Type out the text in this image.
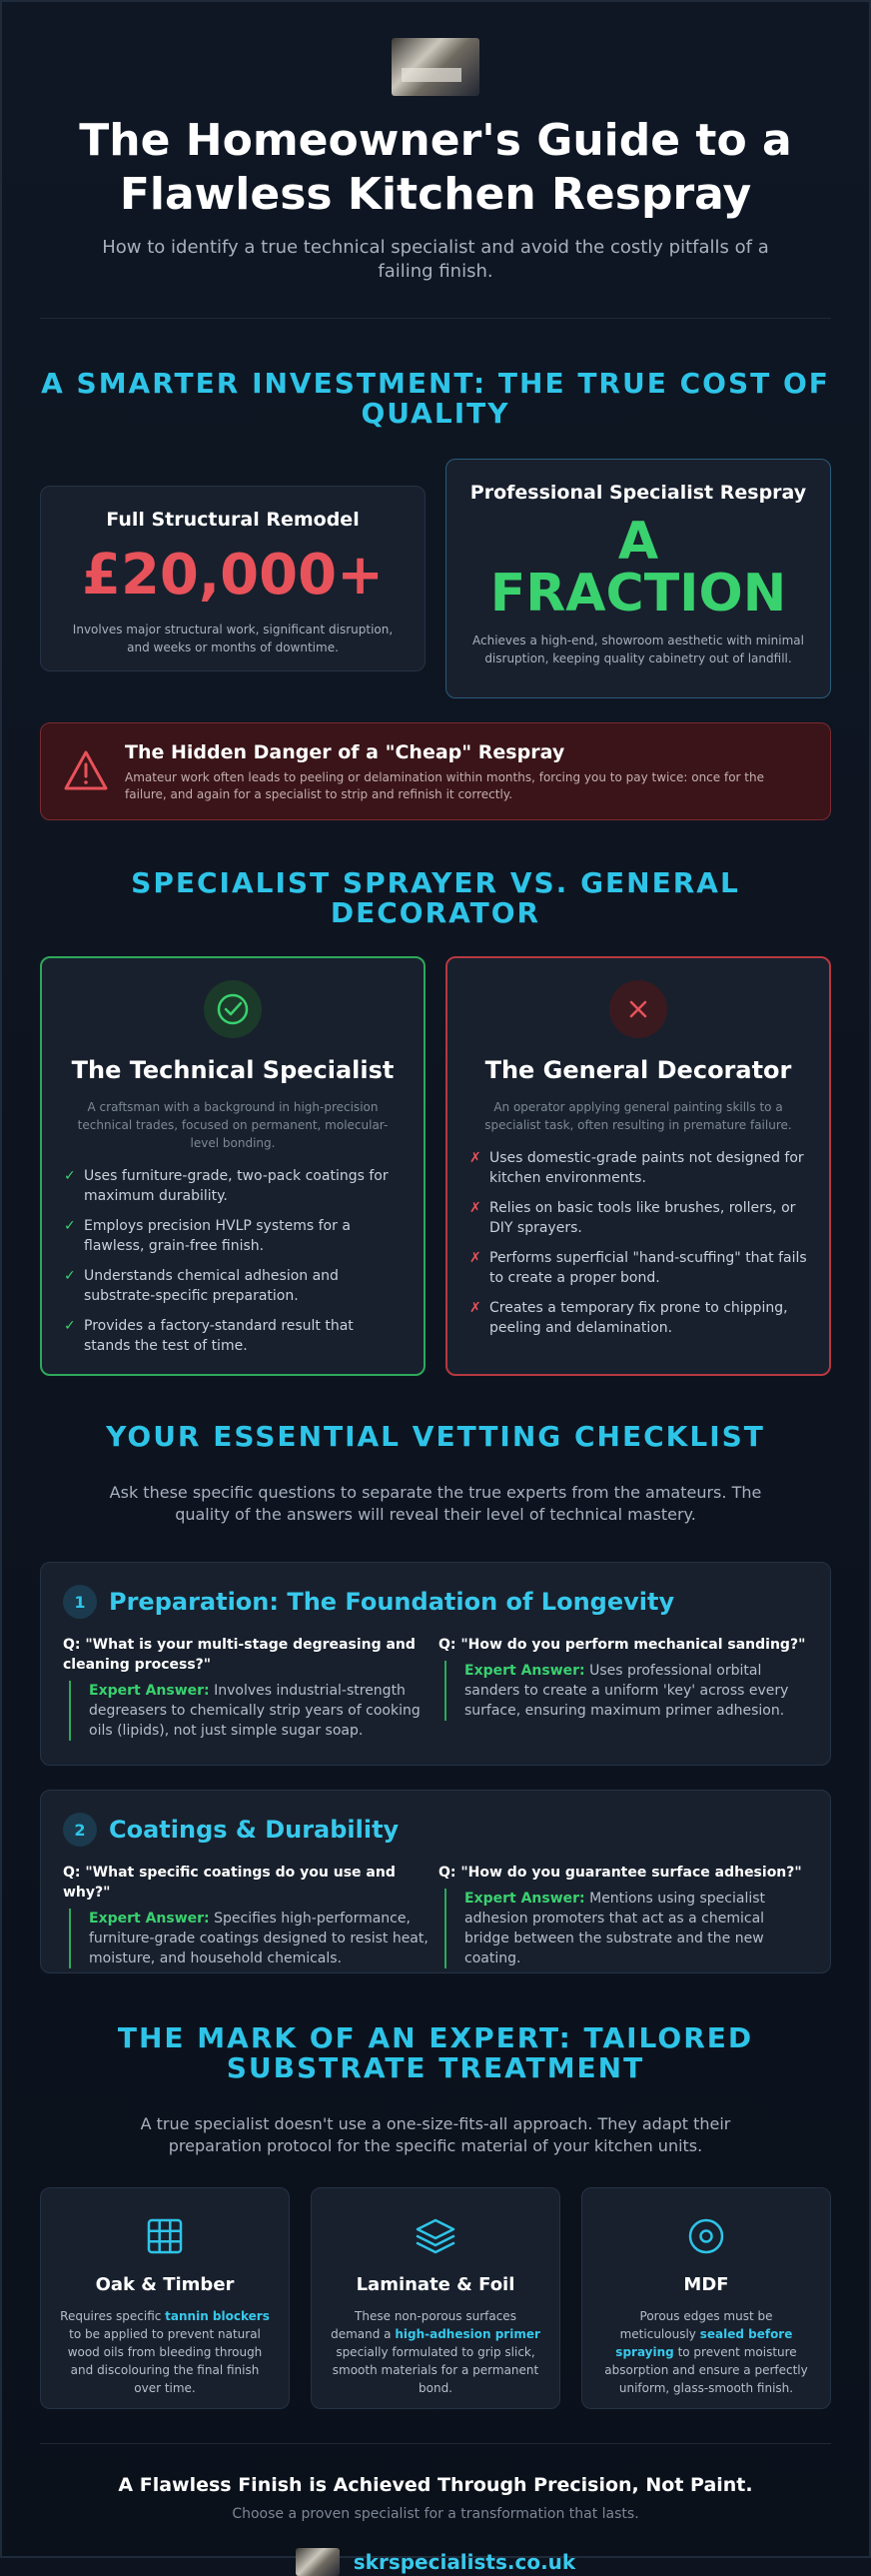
The Homeowner's Guide to a Flawless Kitchen Respray

How to identify a true technical specialist and avoid the costly pitfalls of a failing finish.

A SMARTER INVESTMENT: THE TRUE COST OF QUALITY
Full Structural Remodel
£20,000+
Involves major structural work, significant disruption, and weeks or months of downtime.
Professional Specialist Respray
A
FRACTION
Achieves a high-end, showroom aesthetic with minimal disruption, keeping quality cabinetry out of landfill.
The Hidden Danger of a "Cheap" Respray

Amateur work often leads to peeling or delamination within months, forcing you to pay twice: once for the failure, and again for a specialist to strip and refinish it correctly.

SPECIALIST SPRAYER VS. GENERAL DECORATOR
The Technical Specialist

A craftsman with a background in high-precision technical trades, focused on permanent, molecular-level bonding.

✓ Uses furniture-grade, two-pack coatings for maximum durability.
✓ Employs precision HVLP systems for a flawless, grain-free finish.
✓ Understands chemical adhesion and substrate-specific preparation.
✓ Provides a factory-standard result that stands the test of time.
The General Decorator

An operator applying general painting skills to a specialist task, often resulting in premature failure.

✗ Uses domestic-grade paints not designed for kitchen environments.
✗ Relies on basic tools like brushes, rollers, or DIY sprayers.
✗ Performs superficial "hand-scuffing" that fails to create a proper bond.
✗ Creates a temporary fix prone to chipping, peeling and delamination.
YOUR ESSENTIAL VETTING CHECKLIST

Ask these specific questions to separate the true experts from the amateurs. The quality of the answers will reveal their level of technical mastery.

1 Preparation: The Foundation of Longevity
Q: "What is your multi-stage degreasing and cleaning process?"
Expert Answer: Involves industrial-strength degreasers to chemically strip years of cooking oils (lipids), not just simple sugar soap.
Q: "How do you perform mechanical sanding?"
Expert Answer: Uses professional orbital sanders to create a uniform 'key' across every surface, ensuring maximum primer adhesion.
2 Coatings & Durability
Q: "What specific coatings do you use and why?"
Expert Answer: Specifies high-performance, furniture-grade coatings designed to resist heat, moisture, and household chemicals.
Q: "How do you guarantee surface adhesion?"
Expert Answer: Mentions using specialist adhesion promoters that act as a chemical bridge between the substrate and the new coating.
THE MARK OF AN EXPERT: TAILORED SUBSTRATE TREATMENT

A true specialist doesn't use a one-size-fits-all approach. They adapt their preparation protocol for the specific material of your kitchen units.

Oak & Timber

Requires specific tannin blockers to be applied to prevent natural wood oils from bleeding through and discolouring the final finish over time.

Laminate & Foil

These non-porous surfaces demand a high-adhesion primer specially formulated to grip slick, smooth materials for a permanent bond.

MDF

Porous edges must be meticulously sealed before spraying to prevent moisture absorption and ensure a perfectly uniform, glass-smooth finish.

A Flawless Finish is Achieved Through Precision, Not Paint.
Choose a proven specialist for a transformation that lasts.
skrspecialists.co.uk
